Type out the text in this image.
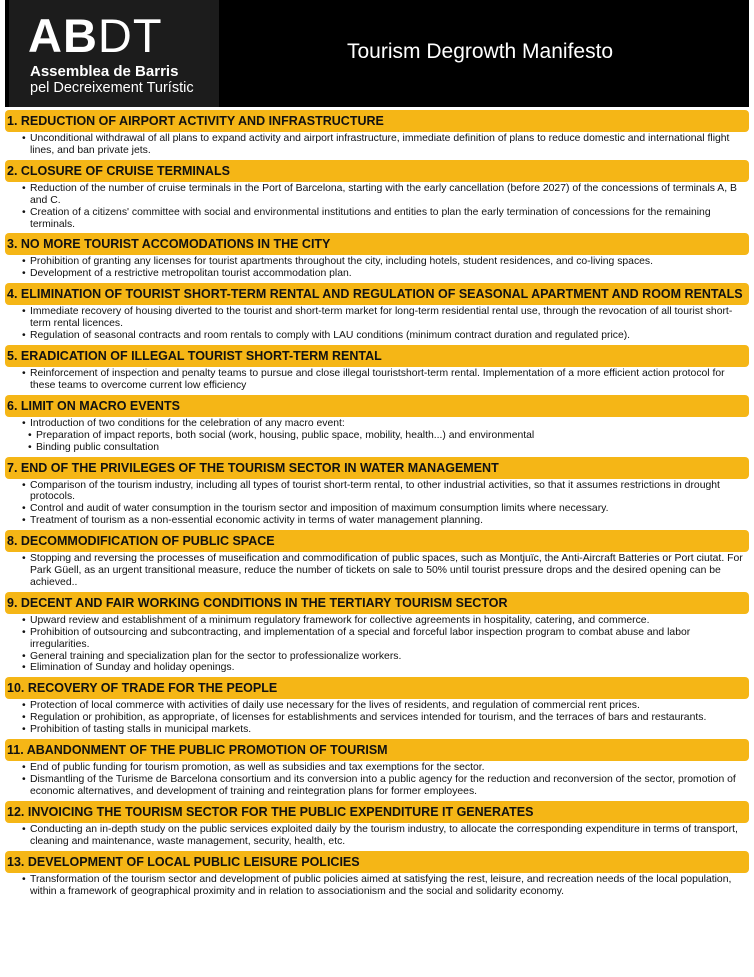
ABDT
Assemblea de Barris
pel Decreixement Turístic
Tourism Degrowth Manifesto
1. REDUCTION OF AIRPORT ACTIVITY AND INFRASTRUCTURE
• Unconditional withdrawal of all plans to expand activity and airport infrastructure, immediate definition of plans to reduce domestic and international flight lines, and ban private jets.
2. CLOSURE OF CRUISE TERMINALS
• Reduction of the number of cruise terminals in the Port of Barcelona, starting with the early cancellation (before 2027) of the concessions of terminals A, B and C.
• Creation of a citizens' committee with social and environmental institutions and entities to plan the early termination of concessions for the remaining terminals.
3. NO MORE TOURIST ACCOMODATIONS IN THE CITY
• Prohibition of granting any licenses for tourist apartments throughout the city, including hotels, student residences, and co-living spaces.
• Development of a restrictive metropolitan tourist accommodation plan.
4. ELIMINATION OF TOURIST SHORT-TERM RENTAL AND REGULATION OF SEASONAL APARTMENT AND ROOM RENTALS
• Immediate recovery of housing diverted to the tourist and short-term market for long-term residential rental use, through the revocation of all tourist short-term rental licences.
• Regulation of seasonal contracts and room rentals to comply with LAU conditions (minimum contract duration and regulated price).
5. ERADICATION OF ILLEGAL TOURIST SHORT-TERM RENTAL
• Reinforcement of inspection and penalty teams to pursue and close illegal touristshort-term rental. Implementation of a more efficient action protocol for these teams to overcome current low efficiency
6. LIMIT ON MACRO EVENTS
• Introduction of two conditions for the celebration of any macro event:
• Preparation of impact reports, both social (work, housing, public space, mobility, health...) and environmental
• Binding public consultation
7. END OF THE PRIVILEGES OF THE TOURISM SECTOR IN WATER MANAGEMENT
• Comparison of the tourism industry, including all types of tourist short-term rental, to other industrial activities, so that it assumes restrictions in drought protocols.
• Control and audit of water consumption in the tourism sector and imposition of maximum consumption limits where necessary.
• Treatment of tourism as a non-essential economic activity in terms of water management planning.
8. DECOMMODIFICATION OF PUBLIC SPACE
• Stopping and reversing the processes of museification and commodification of public spaces, such as Montjuïc, the Anti-Aircraft Batteries or Port ciutat. For Park Güell, as an urgent transitional measure, reduce the number of tickets on sale to 50% until tourist pressure drops and the desired opening can be achieved..
9. DECENT AND FAIR WORKING CONDITIONS IN THE TERTIARY TOURISM SECTOR
• Upward review and establishment of a minimum regulatory framework for collective agreements in hospitality, catering, and commerce.
• Prohibition of outsourcing and subcontracting, and implementation of a special and forceful labor inspection program to combat abuse and labor irregularities.
• General training and specialization plan for the sector to professionalize workers.
• Elimination of Sunday and holiday openings.
10. RECOVERY OF TRADE FOR THE PEOPLE
• Protection of local commerce with activities of daily use necessary for the lives of residents, and regulation of commercial rent prices.
• Regulation or prohibition, as appropriate, of licenses for establishments and services intended for tourism, and the terraces of bars and restaurants.
• Prohibition of tasting stalls in municipal markets.
11. ABANDONMENT OF THE PUBLIC PROMOTION OF TOURISM
• End of public funding for tourism promotion, as well as subsidies and tax exemptions for the sector.
• Dismantling of the Turisme de Barcelona consortium and its conversion into a public agency for the reduction and reconversion of the sector, promotion of economic alternatives, and development of training and reintegration plans for former employees.
12. INVOICING THE TOURISM SECTOR FOR THE PUBLIC EXPENDITURE IT GENERATES
• Conducting an in-depth study on the public services exploited daily by the tourism industry, to allocate the corresponding expenditure in terms of transport, cleaning and maintenance, waste management, security, health, etc.
13. DEVELOPMENT OF LOCAL PUBLIC LEISURE POLICIES
• Transformation of the tourism sector and development of public policies aimed at satisfying the rest, leisure, and recreation needs of the local population, within a framework of geographical proximity and in relation to associationism and the social and solidarity economy.
